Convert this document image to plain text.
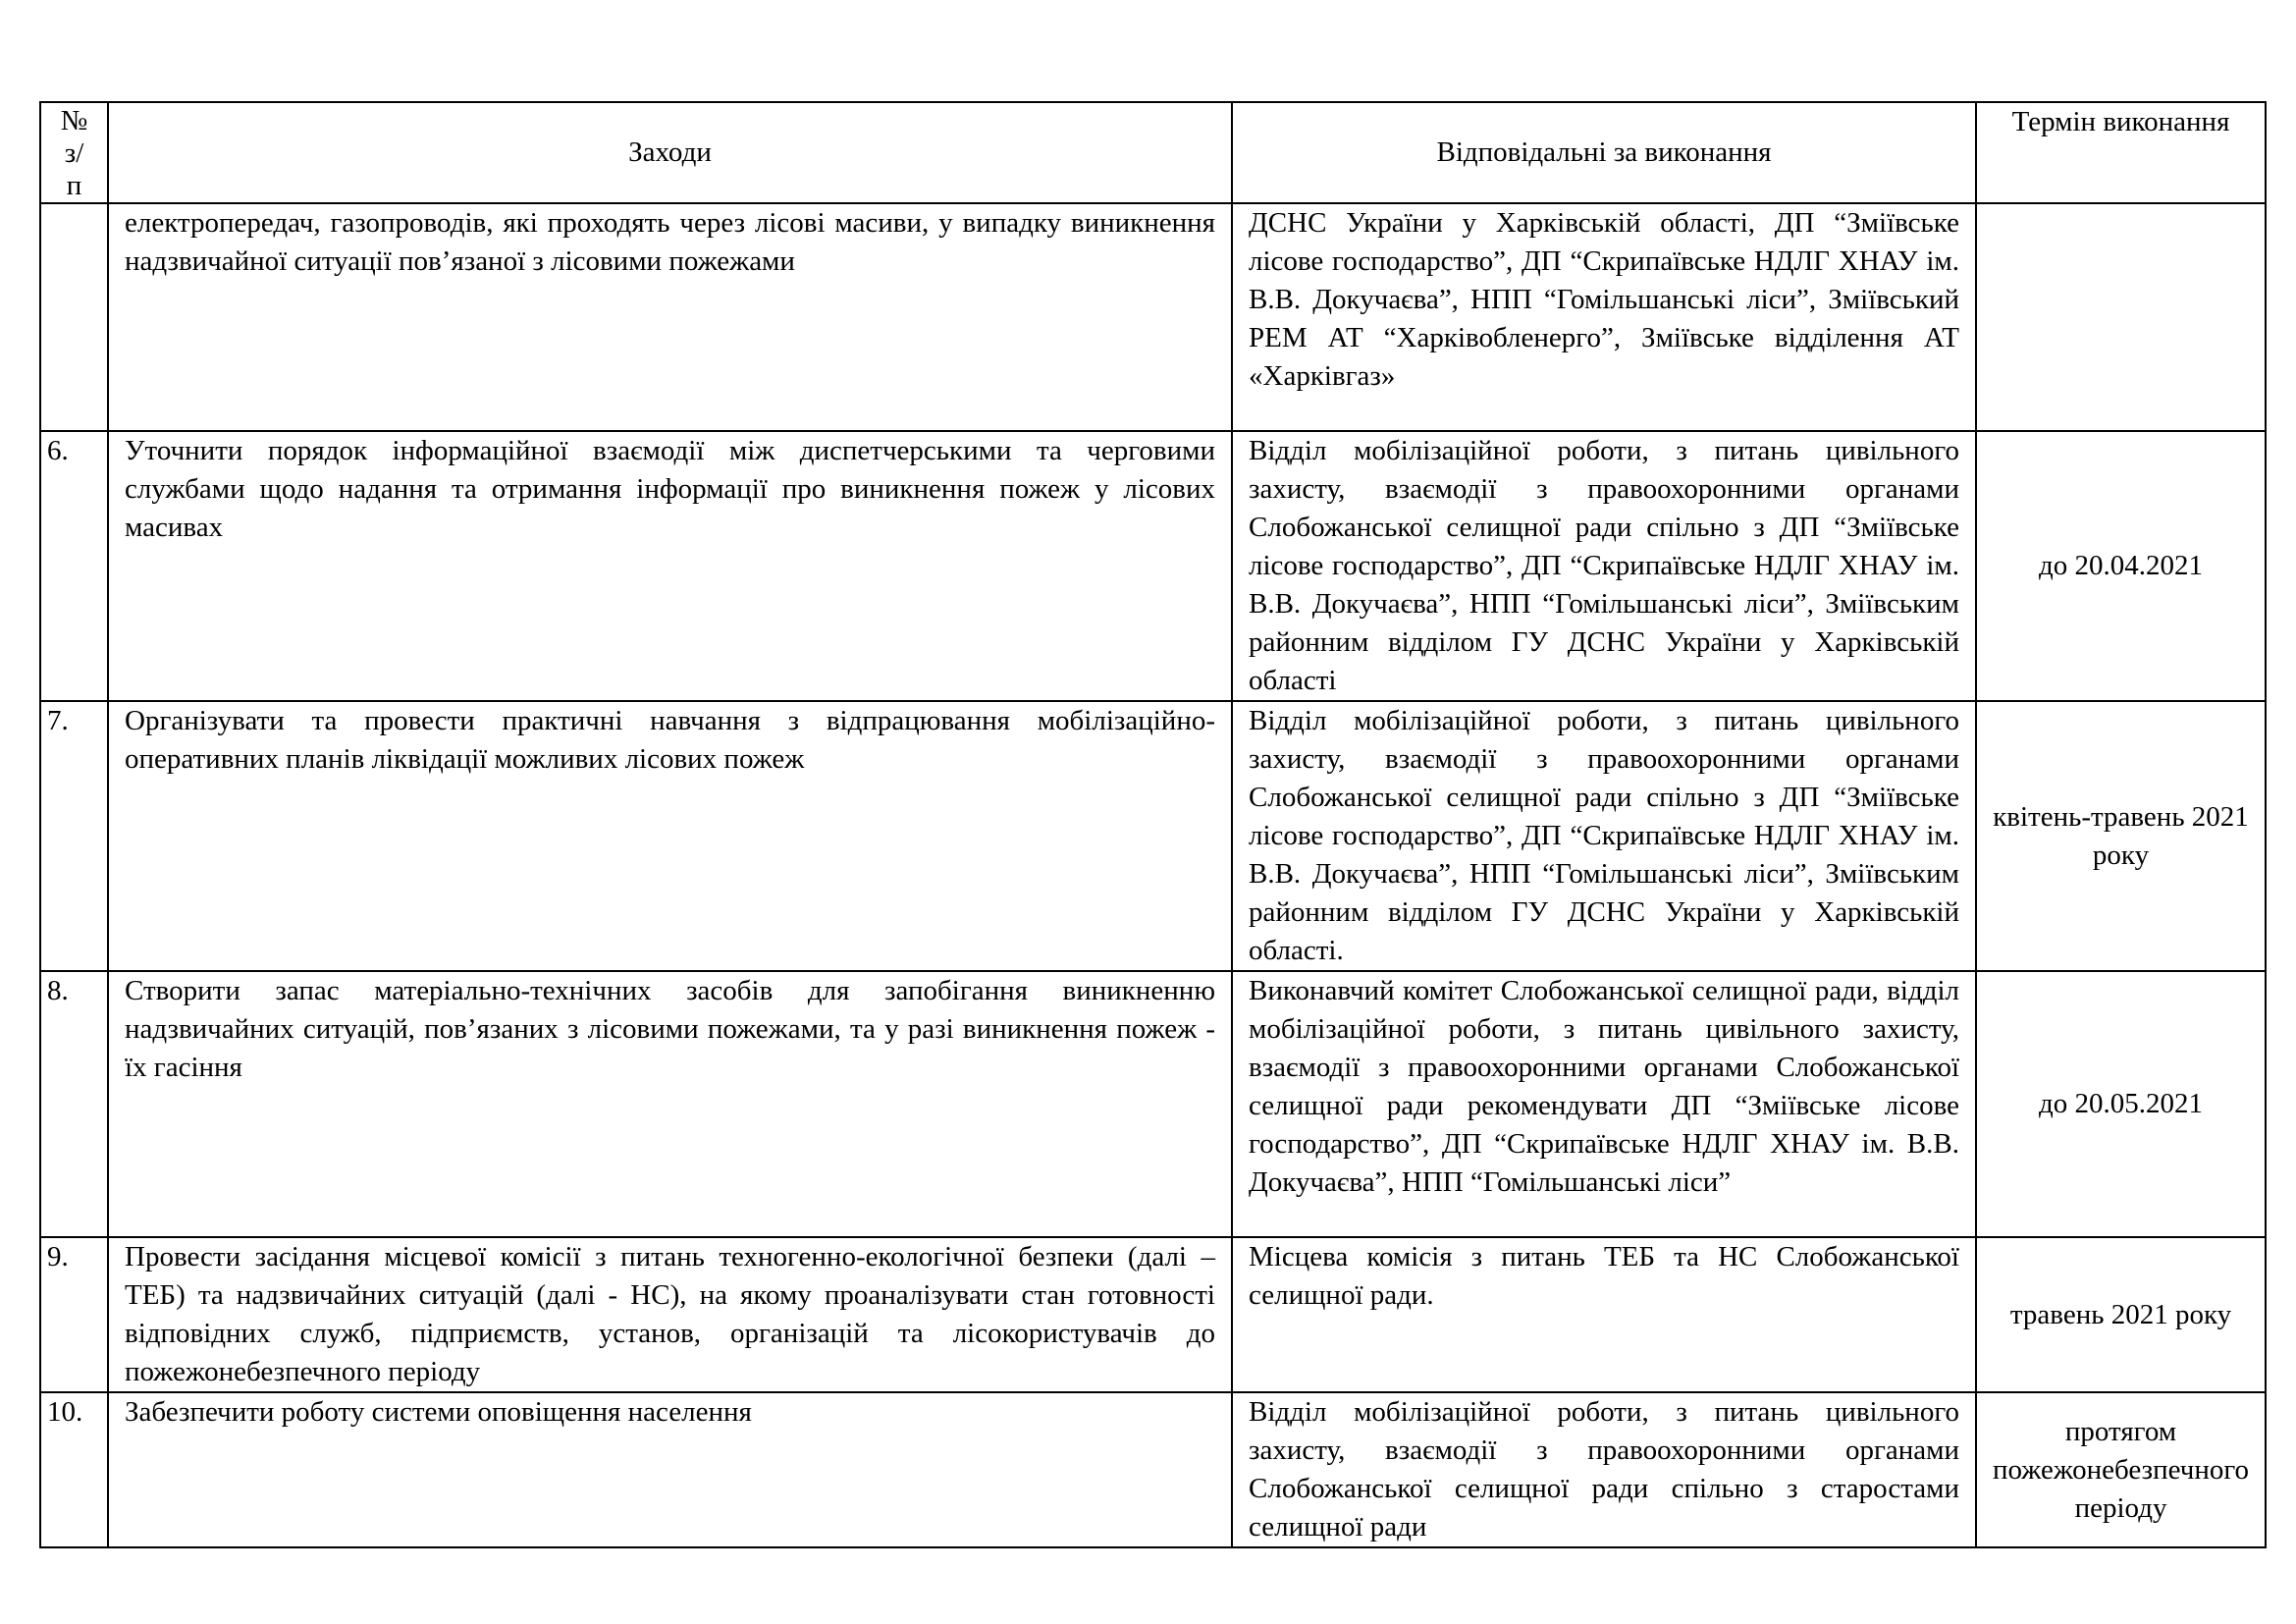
№ з/п	Заходи	Відповідальні за виконання	Термін виконання
	електропередач, газопроводів, які проходять через лісові масиви, у випадку виникнення надзвичайної ситуації пов’язаної з лісовими пожежами	ДСНС України у Харківській області, ДП “Зміївське лісове господарство”, ДП “Скрипаївське НДЛГ ХНАУ ім. В.В. Докучаєва”, НПП “Гомільшанські ліси”, Зміївський РЕМ АТ “Харківобленерго”, Зміївське відділення АТ «Харківгаз»	
6.	Уточнити порядок інформаційної взаємодії між диспетчерськими та черговими службами щодо надання та отримання інформації про виникнення пожеж у лісових масивах	Відділ мобілізаційної роботи, з питань цивільного захисту, взаємодії з правоохоронними органами Слобожанської селищної ради спільно з ДП “Зміївське лісове господарство”, ДП “Скрипаївське НДЛГ ХНАУ ім. В.В. Докучаєва”, НПП “Гомільшанські ліси”, Зміївським районним відділом ГУ ДСНС України у Харківській області	до 20.04.2021
7.	Організувати та провести практичні навчання з відпрацювання мобілізаційно-оперативних планів ліквідації можливих лісових пожеж	Відділ мобілізаційної роботи, з питань цивільного захисту, взаємодії з правоохоронними органами Слобожанської селищної ради спільно з ДП “Зміївське лісове господарство”, ДП “Скрипаївське НДЛГ ХНАУ ім. В.В. Докучаєва”, НПП “Гомільшанські ліси”, Зміївським районним відділом ГУ ДСНС України у Харківській області.	квітень-травень 2021 року
8.	Створити запас матеріально-технічних засобів для запобігання виникненню надзвичайних ситуацій, пов’язаних з лісовими пожежами, та у разі виникнення пожеж - їх гасіння	Виконавчий комітет Слобожанської селищної ради, відділ мобілізаційної роботи, з питань цивільного захисту, взаємодії з правоохоронними органами Слобожанської селищної ради рекомендувати ДП “Зміївське лісове господарство”, ДП “Скрипаївське НДЛГ ХНАУ ім. В.В. Докучаєва”, НПП “Гомільшанські ліси”	до 20.05.2021
9.	Провести засідання місцевої комісії з питань техногенно-екологічної безпеки (далі – ТЕБ) та надзвичайних ситуацій (далі - НС), на якому проаналізувати стан готовності відповідних служб, підприємств, установ, організацій та лісокористувачів до пожежонебезпечного періоду	Місцева комісія з питань ТЕБ та НС Слобожанської селищної ради.	травень 2021 року
10.	Забезпечити роботу системи оповіщення населення	Відділ мобілізаційної роботи, з питань цивільного захисту, взаємодії з правоохоронними органами Слобожанської селищної ради спільно з старостами селищної ради	протягом пожежонебезпечного періоду
